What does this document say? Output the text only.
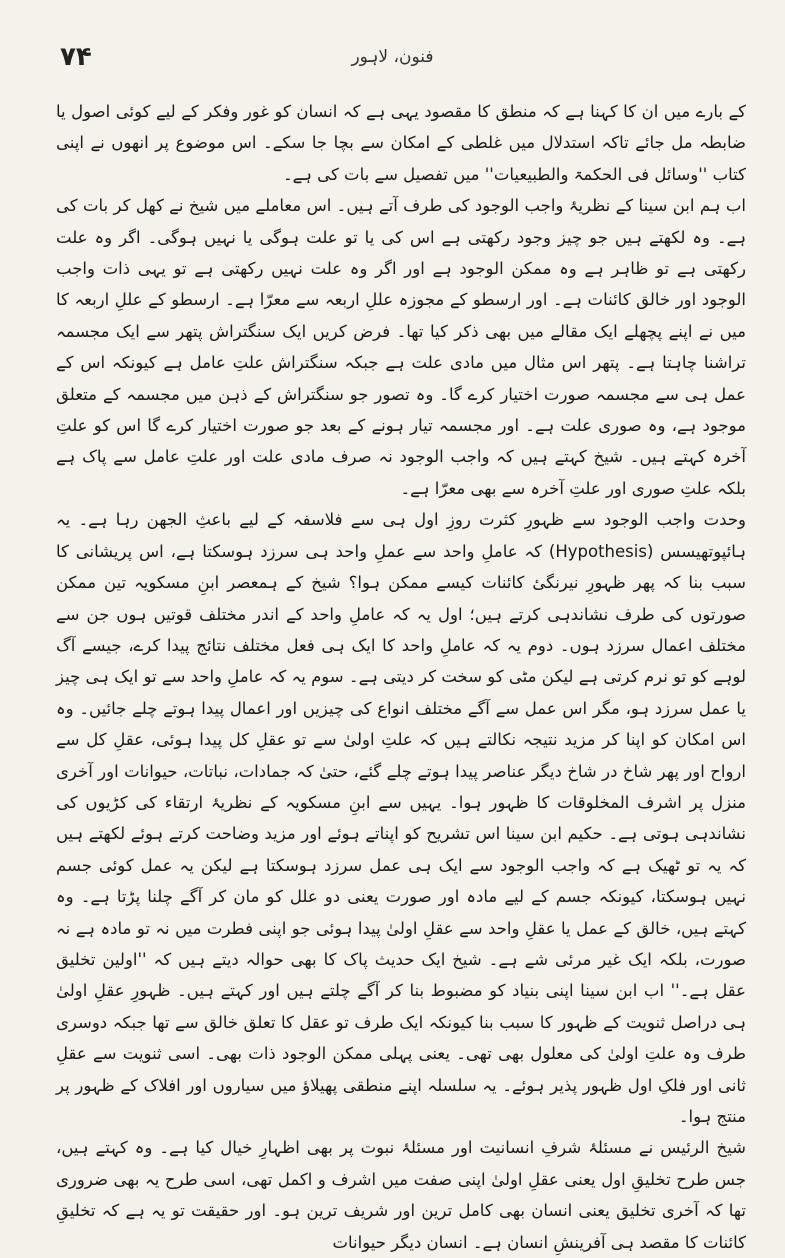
۷۴	فنون، لاہور

کے بارے میں ان کا کہنا ہے کہ منطق کا مقصود یہی ہے کہ انسان کو غور وفکر کے لیے کوئی اصول یا ضابطہ مل جائے تاکہ استدلال میں غلطی کے امکان سے بچا جا سکے۔ اس موضوع پر انھوں نے اپنی کتاب ''وسائل فی الحکمۃ والطبیعیات'' میں تفصیل سے بات کی ہے۔

اب ہم ابن سینا کے نظریۂ واجب الوجود کی طرف آتے ہیں۔ اس معاملے میں شیخ نے کھل کر بات کی ہے۔ وہ لکھتے ہیں جو چیز وجود رکھتی ہے اس کی یا تو علت ہوگی یا نہیں ہوگی۔ اگر وہ علت رکھتی ہے تو ظاہر ہے وہ ممکن الوجود ہے اور اگر وہ علت نہیں رکھتی ہے تو یہی ذات واجب الوجود اور خالق کائنات ہے۔ اور ارسطو کے مجوزہ عللِ اربعہ سے معرّا ہے۔ ارسطو کے عللِ اربعہ کا میں نے اپنے پچھلے ایک مقالے میں بھی ذکر کیا تھا۔ فرض کریں ایک سنگتراش پتھر سے ایک مجسمہ تراشنا چاہتا ہے۔ پتھر اس مثال میں مادی علت ہے جبکہ سنگتراش علتِ عامل ہے کیونکہ اس کے عمل ہی سے مجسمہ صورت اختیار کرے گا۔ وہ تصور جو سنگتراش کے ذہن میں مجسمہ کے متعلق موجود ہے، وہ صوری علت ہے۔ اور مجسمہ تیار ہونے کے بعد جو صورت اختیار کرے گا اس کو علتِ آخرہ کہتے ہیں۔ شیخ کہتے ہیں کہ واجب الوجود نہ صرف مادی علت اور علتِ عامل سے پاک ہے بلکہ علتِ صوری اور علتِ آخرہ سے بھی معرّا ہے۔

وحدت واجب الوجود سے ظہورِ کثرت روزِ اول ہی سے فلاسفہ کے لیے باعثِ الجھن رہا ہے۔ یہ ہائپوتھیسس (Hypothesis) کہ عاملِ واحد سے عملِ واحد ہی سرزد ہوسکتا ہے، اس پریشانی کا سبب بنا کہ پھر ظہورِ نیرنگیٔ کائنات کیسے ممکن ہوا؟ شیخ کے ہمعصر ابنِ مسکویہ تین ممکن صورتوں کی طرف نشاندہی کرتے ہیں؛ اول یہ کہ عاملِ واحد کے اندر مختلف قوتیں ہوں جن سے مختلف اعمال سرزد ہوں۔ دوم یہ کہ عاملِ واحد کا ایک ہی فعل مختلف نتائج پیدا کرے، جیسے آگ لوہے کو تو نرم کرتی ہے لیکن مٹی کو سخت کر دیتی ہے۔ سوم یہ کہ عاملِ واحد سے تو ایک ہی چیز یا عمل سرزد ہو، مگر اس عمل سے آگے مختلف انواع کی چیزیں اور اعمال پیدا ہوتے چلے جائیں۔ وہ اس امکان کو اپنا کر مزید نتیجہ نکالتے ہیں کہ علتِ اولیٰ سے تو عقلِ کل پیدا ہوئی، عقلِ کل سے ارواح اور پھر شاخ در شاخ دیگر عناصر پیدا ہوتے چلے گئے، حتیٰ کہ جمادات، نباتات، حیوانات اور آخری منزل پر اشرف المخلوقات کا ظہور ہوا۔ یہیں سے ابنِ مسکویہ کے نظریۂ ارتقاء کی کڑیوں کی نشاندہی ہوتی ہے۔ حکیم ابن سینا اس تشریح کو اپناتے ہوئے اور مزید وضاحت کرتے ہوئے لکھتے ہیں کہ یہ تو ٹھیک ہے کہ واجب الوجود سے ایک ہی عمل سرزد ہوسکتا ہے لیکن یہ عمل کوئی جسم نہیں ہوسکتا، کیونکہ جسم کے لیے مادہ اور صورت یعنی دو علل کو مان کر آگے چلنا پڑتا ہے۔ وہ کہتے ہیں، خالق کے عمل یا عقلِ واحد سے عقلِ اولیٰ پیدا ہوئی جو اپنی فطرت میں نہ تو مادہ ہے نہ صورت، بلکہ ایک غیر مرئی شے ہے۔ شیخ ایک حدیث پاک کا بھی حوالہ دیتے ہیں کہ ''اولین تخلیق عقل ہے۔'' اب ابن سینا اپنی بنیاد کو مضبوط بنا کر آگے چلتے ہیں اور کہتے ہیں۔ ظہورِ عقلِ اولیٰ ہی دراصل ثنویت کے ظہور کا سبب بنا کیونکہ ایک طرف تو عقل کا تعلق خالق سے تھا جبکہ دوسری طرف وہ علتِ اولیٰ کی معلول بھی تھی۔ یعنی پہلی ممکن الوجود ذات بھی۔ اسی ثنویت سے عقلِ ثانی اور فلکِ اول ظہور پذیر ہوئے۔ یہ سلسلہ اپنے منطقی پھیلاؤ میں سیاروں اور افلاک کے ظہور پر منتج ہوا۔

شیخ الرئیس نے مسئلۂ شرفِ انسانیت اور مسئلۂ نبوت پر بھی اظہارِ خیال کیا ہے۔ وہ کہتے ہیں، جس طرح تخلیقِ اول یعنی عقلِ اولیٰ اپنی صفت میں اشرف و اکمل تھی، اسی طرح یہ بھی ضروری تھا کہ آخری تخلیق یعنی انسان بھی کامل ترین اور شریف ترین ہو۔ اور حقیقت تو یہ ہے کہ تخلیقِ کائنات کا مقصد ہی آفرینشِ انسان ہے۔ انسان دیگر حیوانات
